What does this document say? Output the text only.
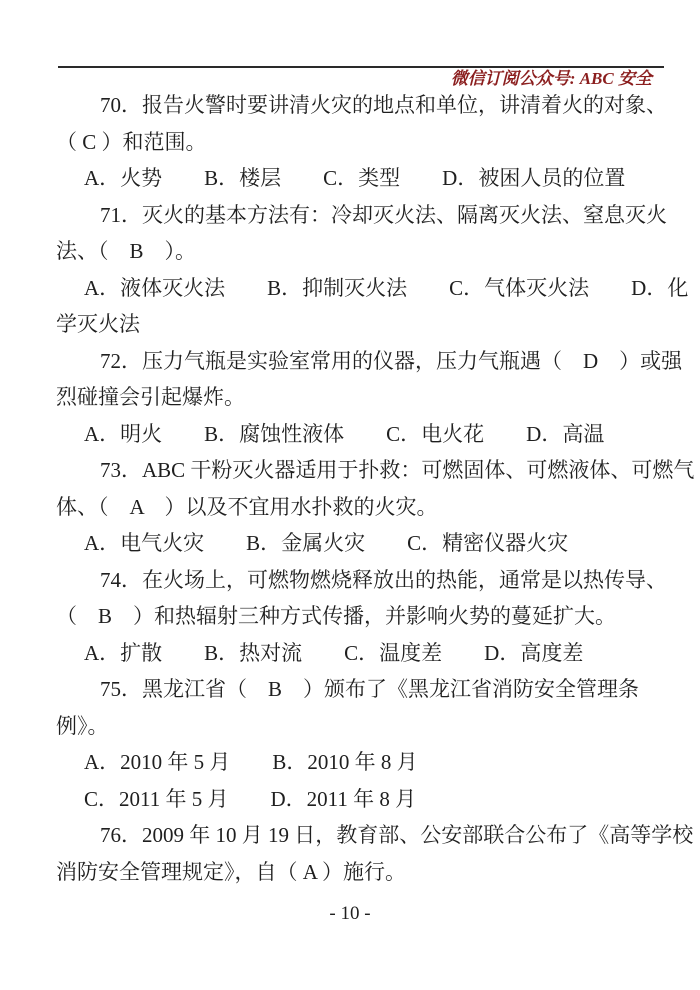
微信订阅公众号: ABC 安全

70．报告火警时要讲清火灾的地点和单位，讲清着火的对象、
（ C ）和范围。
A．火势　　B．楼层　　C．类型　　D．被困人员的位置
71．灭火的基本方法有：冷却灭火法、隔离灭火法、窒息灭火
法、（　B　）。
A．液体灭火法　　B．抑制灭火法　　C．气体灭火法　　D．化
学灭火法
72．压力气瓶是实验室常用的仪器，压力气瓶遇（　D　）或强
烈碰撞会引起爆炸。
A．明火　　B．腐蚀性液体　　C．电火花　　D．高温
73．ABC 干粉灭火器适用于扑救：可燃固体、可燃液体、可燃气
体、（　A　）以及不宜用水扑救的火灾。
A．电气火灾　　B．金属火灾　　C．精密仪器火灾
74．在火场上，可燃物燃烧释放出的热能，通常是以热传导、
（　B　）和热辐射三种方式传播，并影响火势的蔓延扩大。
A．扩散　　B．热对流　　C．温度差　　D．高度差
75．黑龙江省（　B　）颁布了《黑龙江省消防安全管理条
例》。
A．2010 年 5 月　　B．2010 年 8 月
C．2011 年 5 月　　D．2011 年 8 月
76．2009 年 10 月 19 日，教育部、公安部联合公布了《高等学校
消防安全管理规定》，自（ A ）施行。
- 10 -
